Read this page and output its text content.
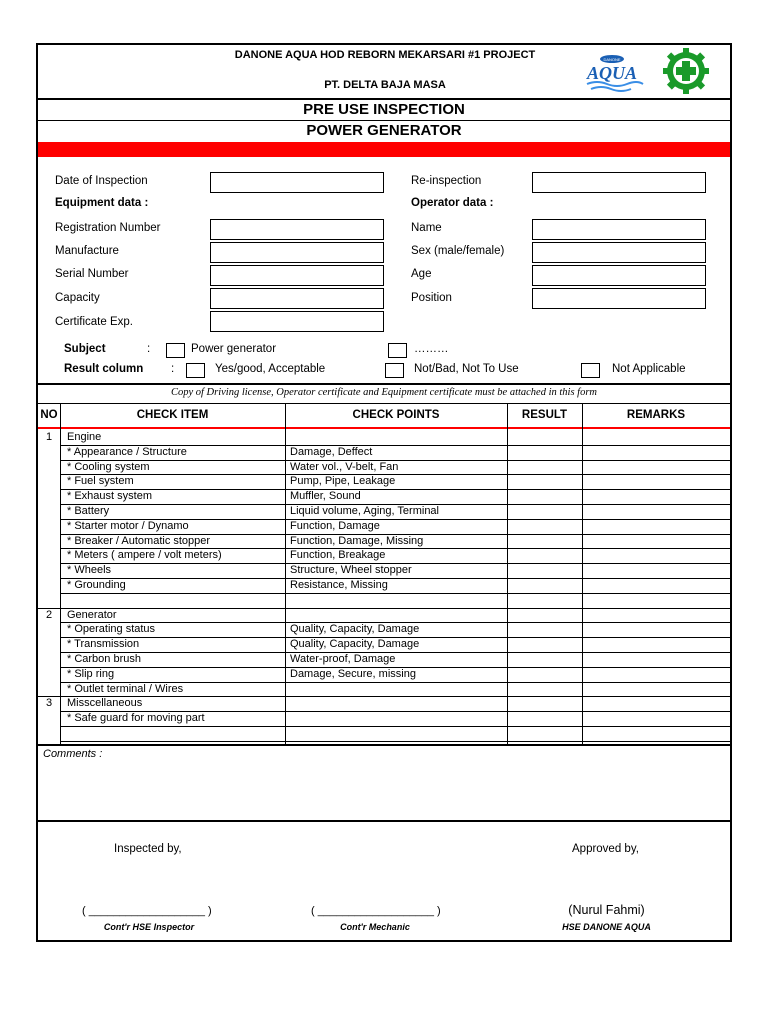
DANONE AQUA HOD REBORN MEKARSARI #1 PROJECT
PT. DELTA BAJA MASA
DANONE
AQUA
PRE USE INSPECTION
POWER GENERATOR
Date of Inspection	Re-inspection
Equipment data :	Operator data :
Registration Number
Manufacture
Serial Number
Capacity
Certificate Exp.
Name
Sex (male/female)
Age
Position
Subject	:	Power generator	………
Result column :	Yes/good, Acceptable	Not/Bad, Not To Use	Not Applicable
Copy of Driving license, Operator certificate and Equipment certificate must be attached in this form
NO	CHECK ITEM	CHECK POINTS	RESULT	REMARKS
1	Engine
* Appearance / Structure	Damage, Deffect
* Cooling system	Water vol., V-belt, Fan
* Fuel system	Pump, Pipe, Leakage
* Exhaust system	Muffler, Sound
* Battery	Liquid volume, Aging, Terminal
* Starter motor / Dynamo	Function, Damage
* Breaker / Automatic stopper	Function, Damage, Missing
* Meters ( ampere / volt meters)	Function, Breakage
* Wheels	Structure, Wheel stopper
* Grounding	Resistance, Missing
2	Generator
* Operating status	Quality, Capacity, Damage
* Transmission	Quality, Capacity, Damage
* Carbon brush	Water-proof, Damage
* Slip ring	Damage, Secure, missing
* Outlet terminal / Wires
3	Misscellaneous
* Safe guard for moving part
Comments :
Inspected by,	Approved by,
( ___________________ )	( ___________________ )	(Nurul Fahmi)
Cont'r HSE Inspector	Cont'r Mechanic	HSE DANONE AQUA
